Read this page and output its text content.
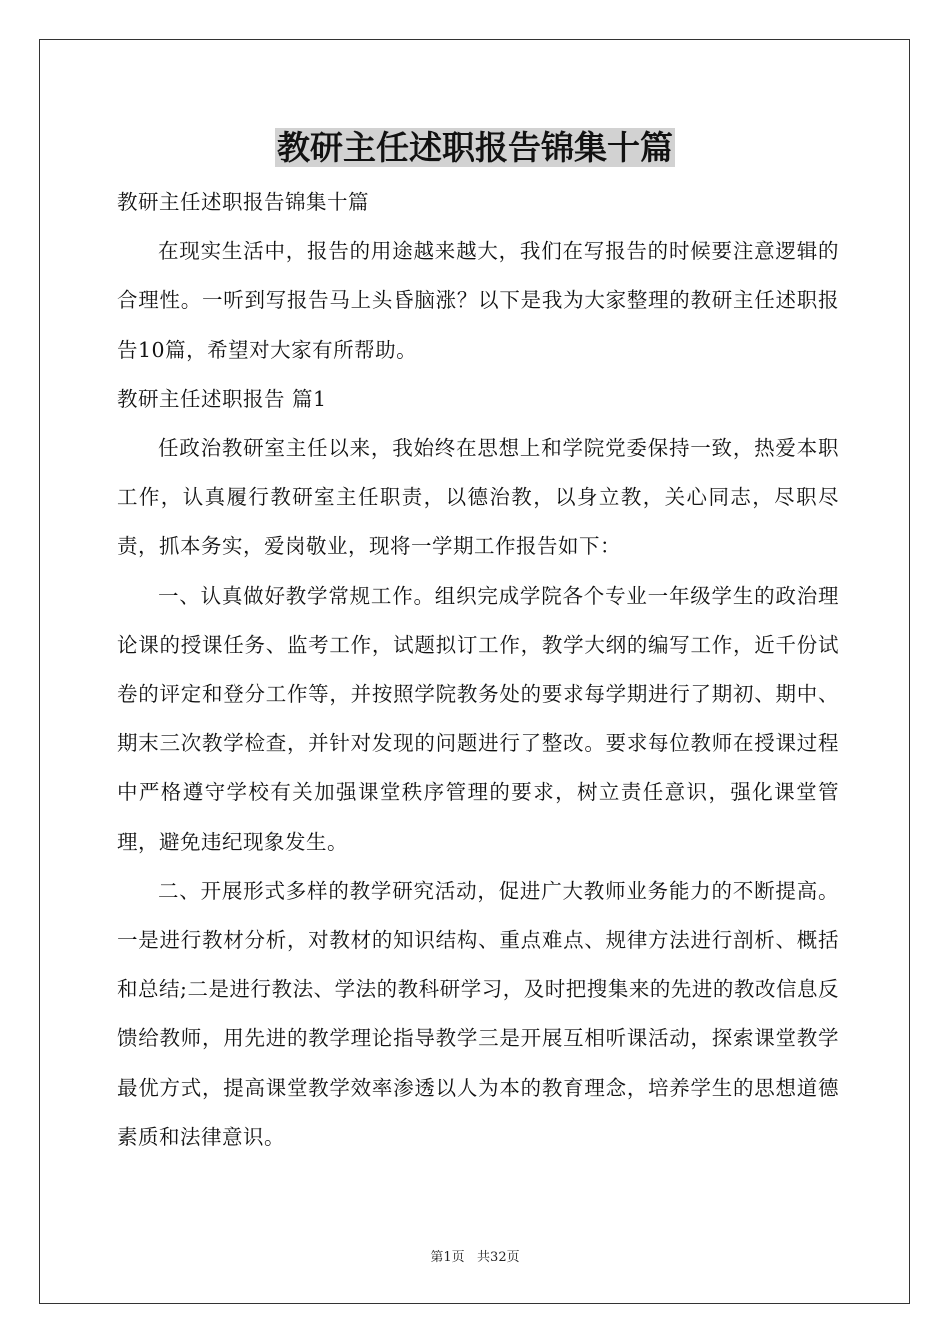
教研主任述职报告锦集十篇

教研主任述职报告锦集十篇

在现实生活中，报告的用途越来越大，我们在写报告的时候要注意逻辑的合理性。一听到写报告马上头昏脑涨？以下是我为大家整理的教研主任述职报告10篇，希望对大家有所帮助。

教研主任述职报告 篇1

任政治教研室主任以来，我始终在思想上和学院党委保持一致，热爱本职工作，认真履行教研室主任职责，以德治教，以身立教，关心同志，尽职尽责，抓本务实，爱岗敬业，现将一学期工作报告如下：

一、认真做好教学常规工作。组织完成学院各个专业一年级学生的政治理论课的授课任务、监考工作，试题拟订工作，教学大纲的编写工作，近千份试卷的评定和登分工作等，并按照学院教务处的要求每学期进行了期初、期中、期末三次教学检查，并针对发现的问题进行了整改。要求每位教师在授课过程中严格遵守学校有关加强课堂秩序管理的要求，树立责任意识，强化课堂管理，避免违纪现象发生。

二、开展形式多样的教学研究活动，促进广大教师业务能力的不断提高。一是进行教材分析，对教材的知识结构、重点难点、规律方法进行剖析、概括和总结;二是进行教法、学法的教科研学习，及时把搜集来的先进的教改信息反馈给教师，用先进的教学理论指导教学三是开展互相听课活动，探索课堂教学最优方式，提高课堂教学效率渗透以人为本的教育理念，培养学生的思想道德素质和法律意识。

第1页   共32页
